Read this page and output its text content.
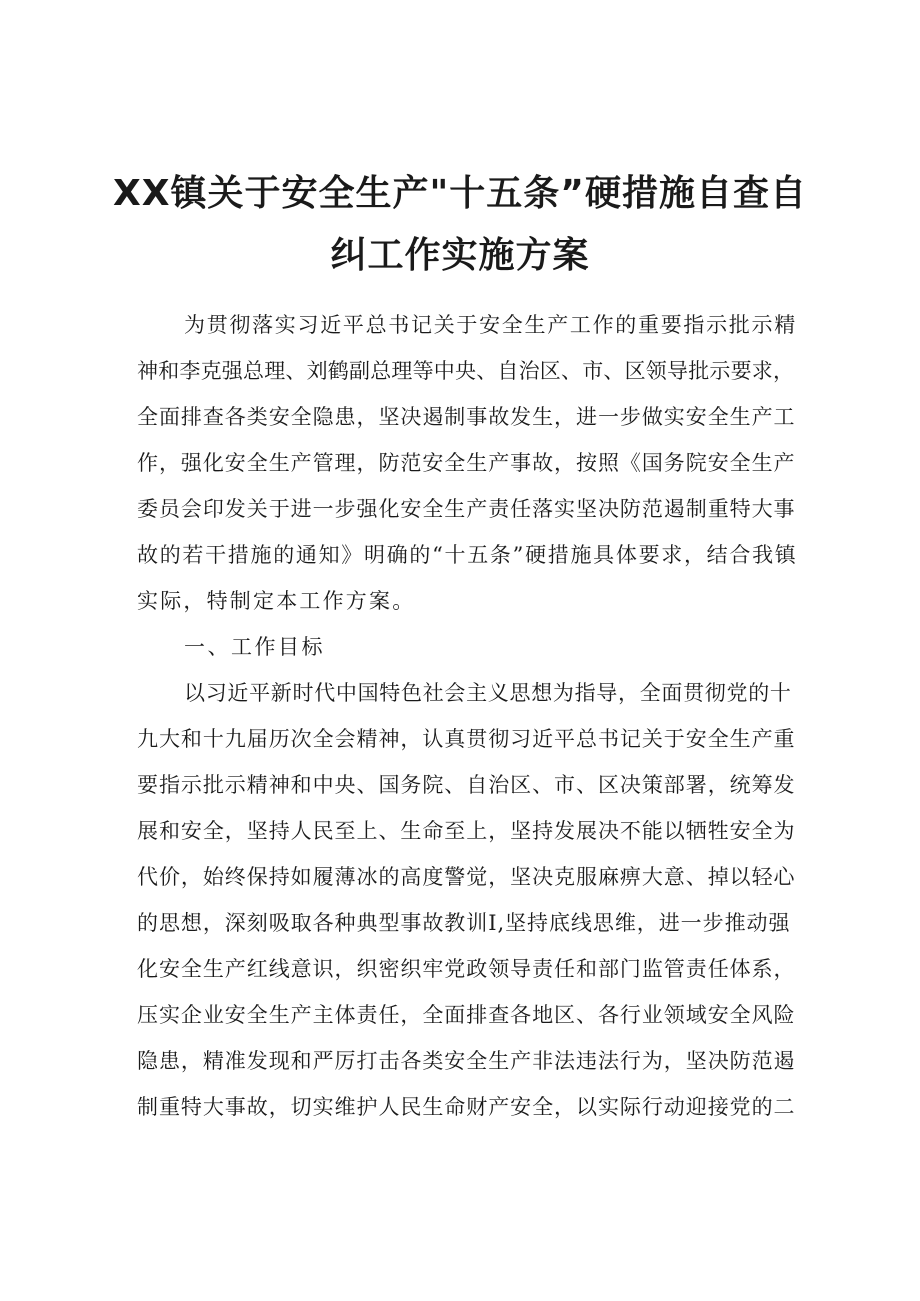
XX镇关于安全生产"十五条”硬措施自查自
纠工作实施方案

为贯彻落实习近平总书记关于安全生产工作的重要指示批示精

神和李克强总理、刘鹤副总理等中央、自治区、市、区领导批示要求，

全面排查各类安全隐患，坚决遏制事故发生，进一步做实安全生产工

作，强化安全生产管理，防范安全生产事故，按照《国务院安全生产

委员会印发关于进一步强化安全生产责任落实坚决防范遏制重特大事

故的若干措施的通知》明确的“十五条”硬措施具体要求，结合我镇

实际，特制定本工作方案。

一、工作目标

以习近平新时代中国特色社会主义思想为指导，全面贯彻党的十

九大和十九届历次全会精神，认真贯彻习近平总书记关于安全生产重

要指示批示精神和中央、国务院、自治区、市、区决策部署，统筹发

展和安全，坚持人民至上、生命至上，坚持发展决不能以牺牲安全为

代价，始终保持如履薄冰的高度警觉，坚决克服麻痹大意、掉以轻心

的思想，深刻吸取各种典型事故教训I,坚持底线思维，进一步推动强

化安全生产红线意识，织密织牢党政领导责任和部门监管责任体系，

压实企业安全生产主体责任，全面排查各地区、各行业领域安全风险

隐患，精准发现和严厉打击各类安全生产非法违法行为，坚决防范遏

制重特大事故，切实维护人民生命财产安全，以实际行动迎接党的二
